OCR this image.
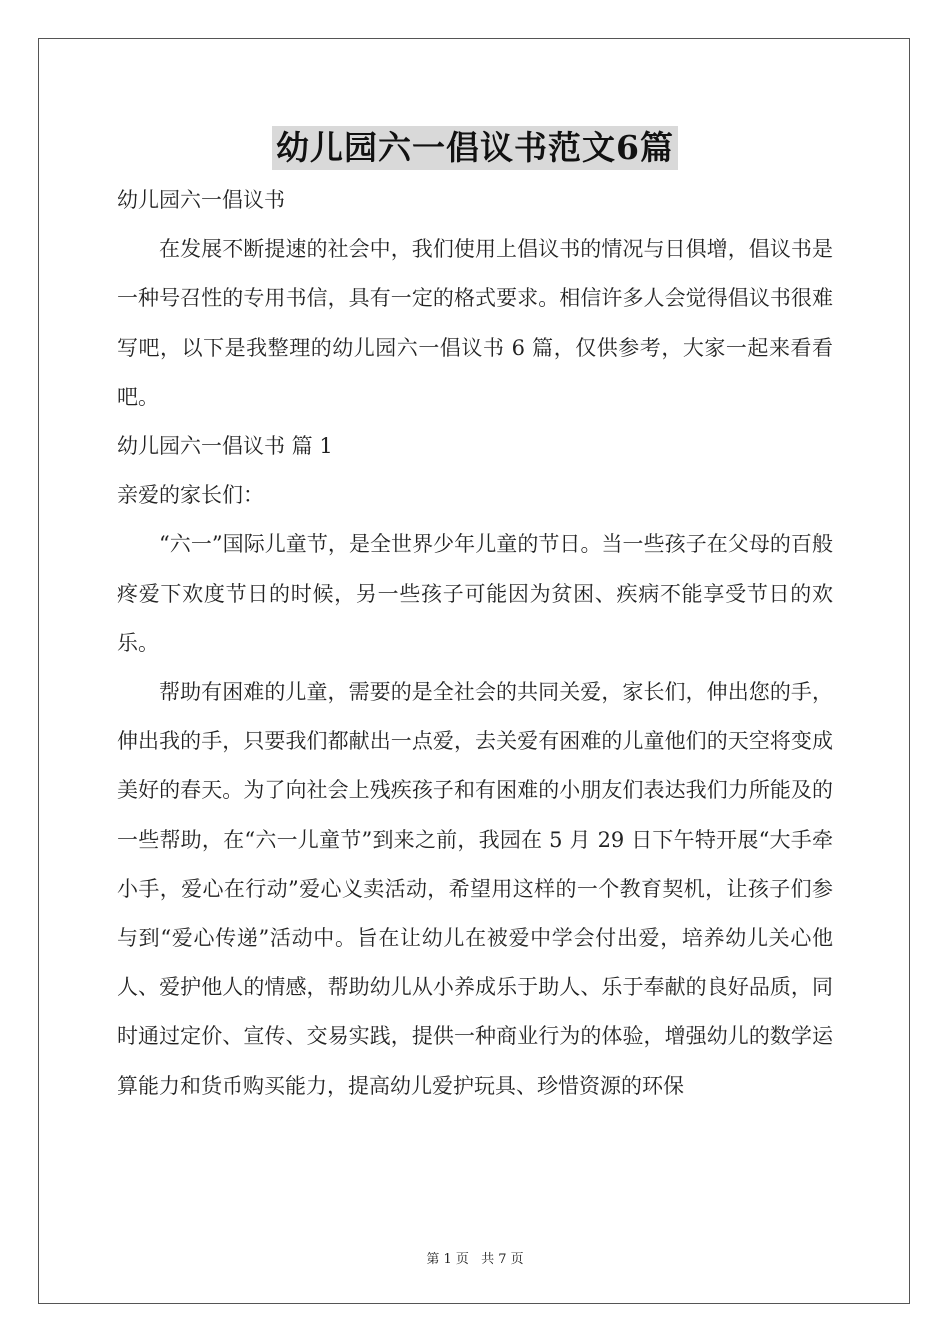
幼儿园六一倡议书范文6篇

幼儿园六一倡议书

在发展不断提速的社会中，我们使用上倡议书的情况与日俱增，倡议书是一种号召性的专用书信，具有一定的格式要求。相信许多人会觉得倡议书很难写吧，以下是我整理的幼儿园六一倡议书 6 篇，仅供参考，大家一起来看看吧。

幼儿园六一倡议书 篇 1

亲爱的家长们：

“六一”国际儿童节，是全世界少年儿童的节日。当一些孩子在父母的百般疼爱下欢度节日的时候，另一些孩子可能因为贫困、疾病不能享受节日的欢乐。

帮助有困难的儿童，需要的是全社会的共同关爱，家长们，伸出您的手，伸出我的手，只要我们都献出一点爱，去关爱有困难的儿童他们的天空将变成美好的春天。为了向社会上残疾孩子和有困难的小朋友们表达我们力所能及的一些帮助，在“六一儿童节”到来之前，我园在 5 月 29 日下午特开展“大手牵小手，爱心在行动”爱心义卖活动，希望用这样的一个教育契机，让孩子们参与到“爱心传递”活动中。旨在让幼儿在被爱中学会付出爱，培养幼儿关心他人、爱护他人的情感，帮助幼儿从小养成乐于助人、乐于奉献的良好品质，同时通过定价、宣传、交易实践，提供一种商业行为的体验，增强幼儿的数学运算能力和货币购买能力，提高幼儿爱护玩具、珍惜资源的环保

第 1 页 共 7 页
